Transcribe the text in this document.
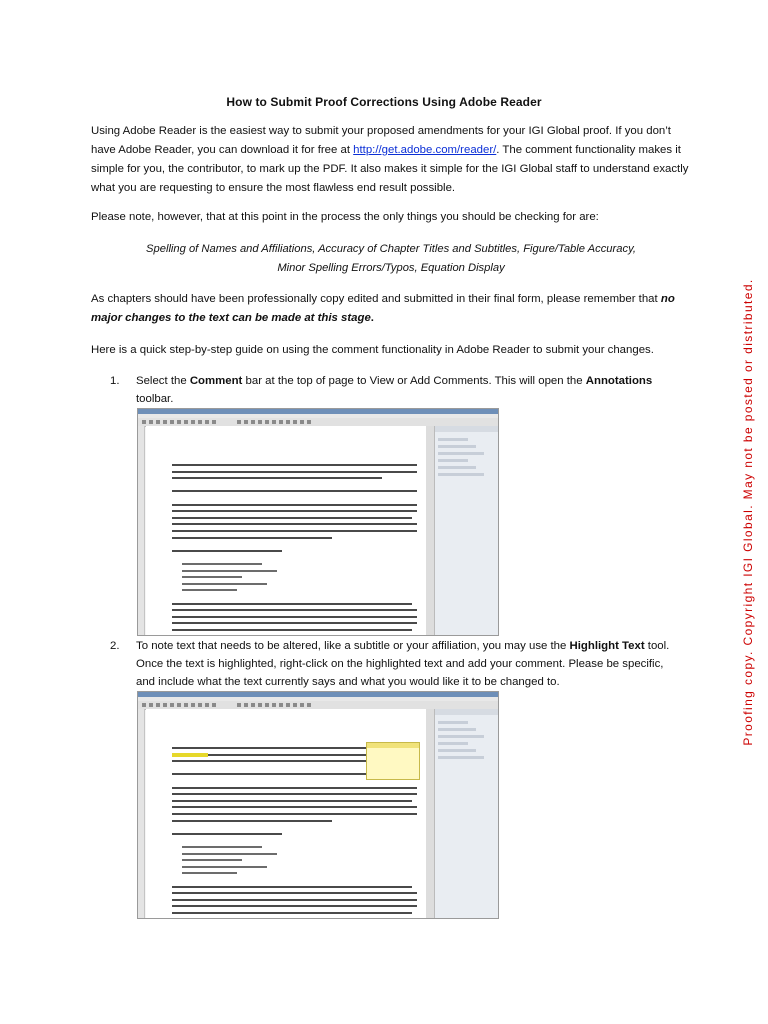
How to Submit Proof Corrections Using Adobe Reader

Using Adobe Reader is the easiest way to submit your proposed amendments for your IGI Global proof. If you don’t have Adobe Reader, you can download it for free at http://get.adobe.com/reader/. The comment functionality makes it simple for you, the contributor, to mark up the PDF. It also makes it simple for the IGI Global staff to understand exactly what you are requesting to ensure the most flawless end result possible.

Please note, however, that at this point in the process the only things you should be checking for are:

Spelling of Names and Affiliations, Accuracy of Chapter Titles and Subtitles, Figure/Table Accuracy,
Minor Spelling Errors/Typos, Equation Display

As chapters should have been professionally copy edited and submitted in their final form, please remember that no major changes to the text can be made at this stage.

Here is a quick step-by-step guide on using the comment functionality in Adobe Reader to submit your changes.

1. Select the Comment bar at the top of page to View or Add Comments. This will open the Annotations toolbar.
2. To note text that needs to be altered, like a subtitle or your affiliation, you may use the Highlight Text tool. Once the text is highlighted, right-click on the highlighted text and add your comment. Please be specific, and include what the text currently says and what you would like it to be changed to.	Proofing copy. Copyright IGI Global. May not be posted or distributed.
